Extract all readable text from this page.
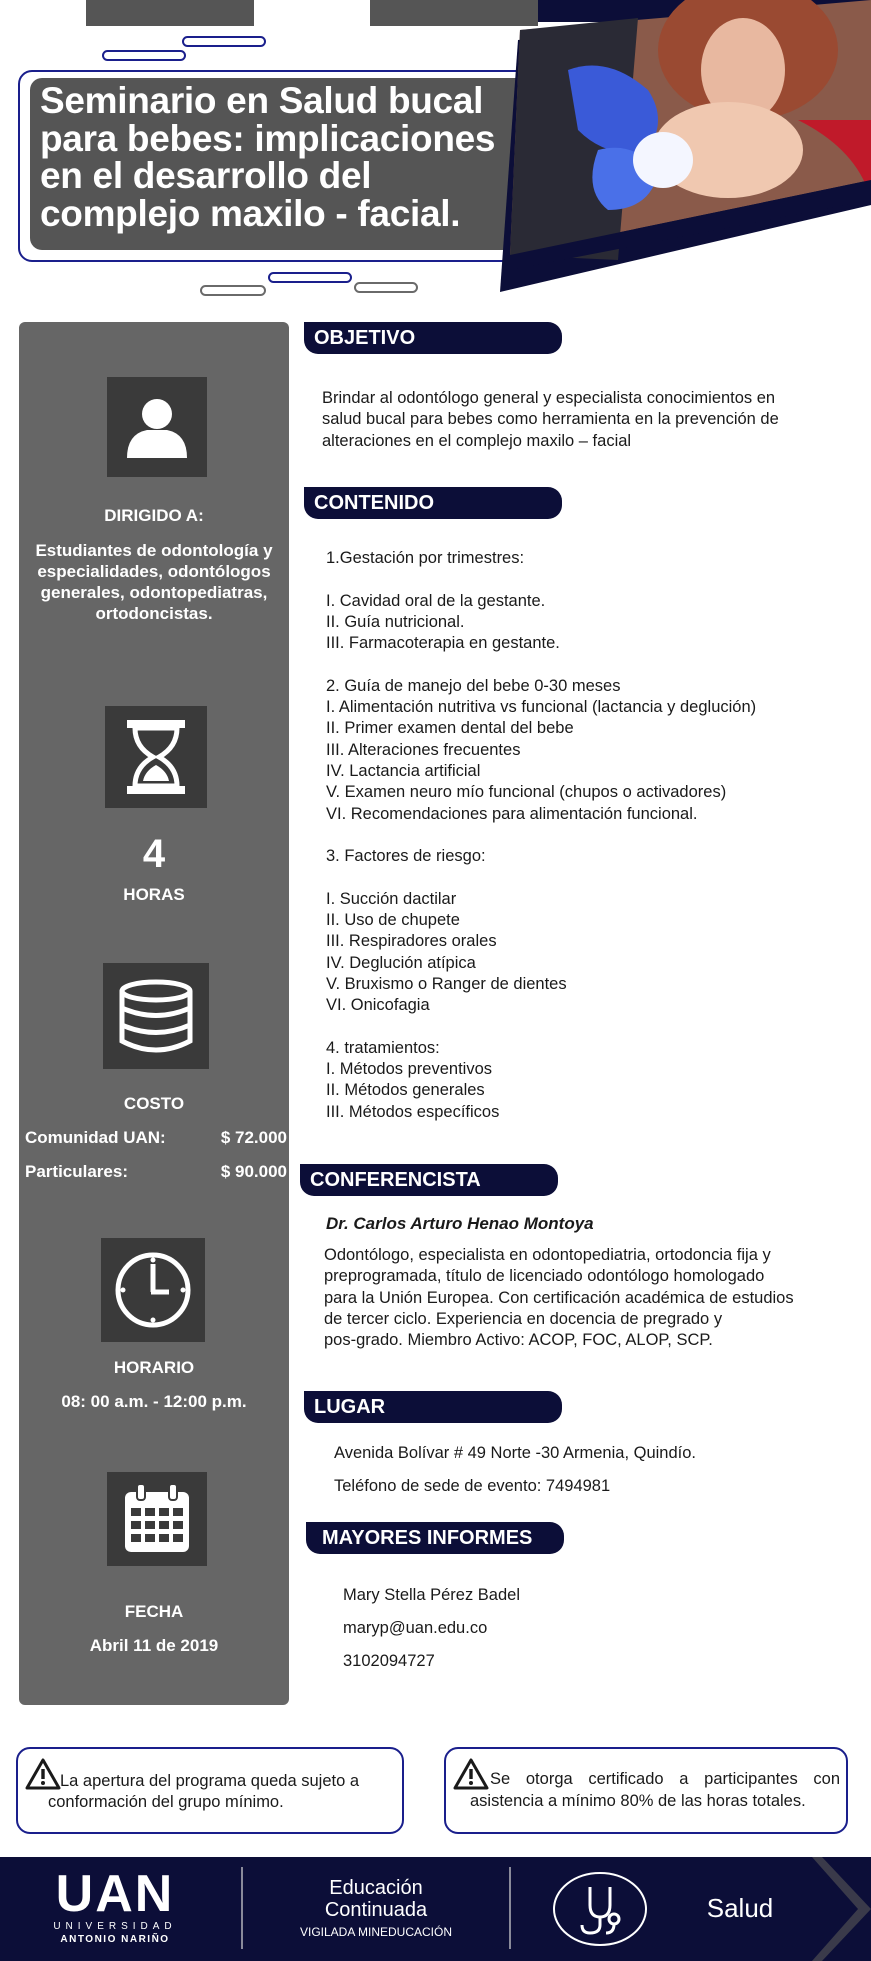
Seminario en Salud bucal
para bebes: implicaciones
en el desarrollo del
complejo maxilo - facial.
DIRIGIDO A:
Estudiantes de odontología y
especialidades, odontólogos
generales, odontopediatras,
ortodoncistas.
4
HORAS
COSTO
Comunidad UAN:	$ 72.000
Particulares:	$ 90.000
HORARIO
08: 00 a.m. - 12:00 p.m.
FECHA
Abril 11 de 2019
OBJETIVO
Brindar al odontólogo general y especialista conocimientos en
salud bucal para bebes como herramienta en la prevención de
alteraciones en el complejo maxilo – facial
CONTENIDO
1.Gestación por trimestres:

I. Cavidad oral de la gestante.
II. Guía nutricional.
III. Farmacoterapia en gestante.

2. Guía de manejo del bebe 0-30 meses
I. Alimentación nutritiva vs funcional (lactancia y deglución)
II. Primer examen dental del bebe
III. Alteraciones frecuentes
IV. Lactancia artificial
V. Examen neuro mío funcional (chupos o activadores)
VI. Recomendaciones para alimentación funcional.

3. Factores de riesgo:

I. Succión dactilar
II. Uso de chupete
III. Respiradores orales
IV. Deglución atípica
V. Bruxismo o Ranger de dientes
VI. Onicofagia

4. tratamientos:
I. Métodos preventivos
II. Métodos generales
III. Métodos específicos
CONFERENCISTA
Dr. Carlos Arturo Henao Montoya
Odontólogo, especialista en odontopediatria, ortodoncia fija y
preprogramada, título de licenciado odontólogo homologado
para la Unión Europea. Con certificación académica de estudios
de tercer ciclo. Experiencia en docencia de pregrado y
pos-grado. Miembro Activo: ACOP, FOC, ALOP, SCP.
LUGAR
Avenida Bolívar # 49 Norte -30 Armenia, Quindío.
Teléfono de sede de evento: 7494981
MAYORES INFORMES
Mary Stella Pérez Badel
maryp@uan.edu.co
3102094727
La apertura del programa queda sujeto a
conformación del grupo mínimo.
Se otorga certificado a participantes con
asistencia a mínimo 80% de las horas totales.
UAN
UNIVERSIDAD
ANTONIO NARIÑO
Educación
Continuada
VIGILADA MINEDUCACIÓN
Salud
